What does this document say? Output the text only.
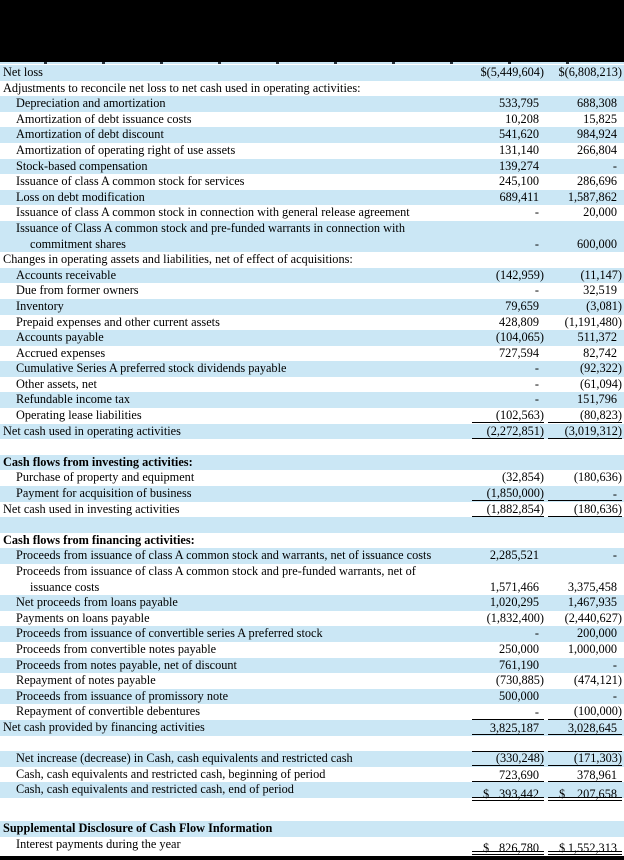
Net loss	$(5,449,604)	$(6,808,213)
Adjustments to reconcile net loss to net cash used in operating activities:
Depreciation and amortization	533,795	688,308
Amortization of debt issuance costs	10,208	15,825
Amortization of debt discount	541,620	984,924
Amortization of operating right of use assets	131,140	266,804
Stock-based compensation	139,274	-
Issuance of class A common stock for services	245,100	286,696
Loss on debt modification	689,411	1,587,862
Issuance of class A common stock in connection with general release agreement	-	20,000
Issuance of Class A common stock and pre-funded warrants in connection with
commitment shares	-	600,000
Changes in operating assets and liabilities, net of effect of acquisitions:
Accounts receivable	(142,959)	(11,147)
Due from former owners	-	32,519
Inventory	79,659	(3,081)
Prepaid expenses and other current assets	428,809	(1,191,480)
Accounts payable	(104,065)	511,372
Accrued expenses	727,594	82,742
Cumulative Series A preferred stock dividends payable	-	(92,322)
Other assets, net	-	(61,094)
Refundable income tax	-	151,796
Operating lease liabilities	(102,563)	(80,823)
Net cash used in operating activities	(2,272,851)	(3,019,312)
Cash flows from investing activities:
Purchase of property and equipment	(32,854)	(180,636)
Payment for acquisition of business	(1,850,000)	-
Net cash used in investing activities	(1,882,854)	(180,636)
Cash flows from financing activities:
Proceeds from issuance of class A common stock and warrants, net of issuance costs	2,285,521	-
Proceeds from issuance of class A common stock and pre-funded warrants, net of
issuance costs	1,571,466	3,375,458
Net proceeds from loans payable	1,020,295	1,467,935
Payments on loans payable	(1,832,400)	(2,440,627)
Proceeds from issuance of convertible series A preferred stock	-	200,000
Proceeds from convertible notes payable	250,000	1,000,000
Proceeds from notes payable, net of discount	761,190	-
Repayment of notes payable	(730,885)	(474,121)
Proceeds from issuance of promissory note	500,000	-
Repayment of convertible debentures	-	(100,000)
Net cash provided by financing activities	3,825,187	3,028,645
Net increase (decrease) in Cash, cash equivalents and restricted cash	(330,248)	(171,303)
Cash, cash equivalents and restricted cash, beginning of period	723,690	378,961
Cash, cash equivalents and restricted cash, end of period	$ 393,442 $ 207,658
Supplemental Disclosure of Cash Flow Information
Interest payments during the year	$ 826,780 $ 1,552,313
